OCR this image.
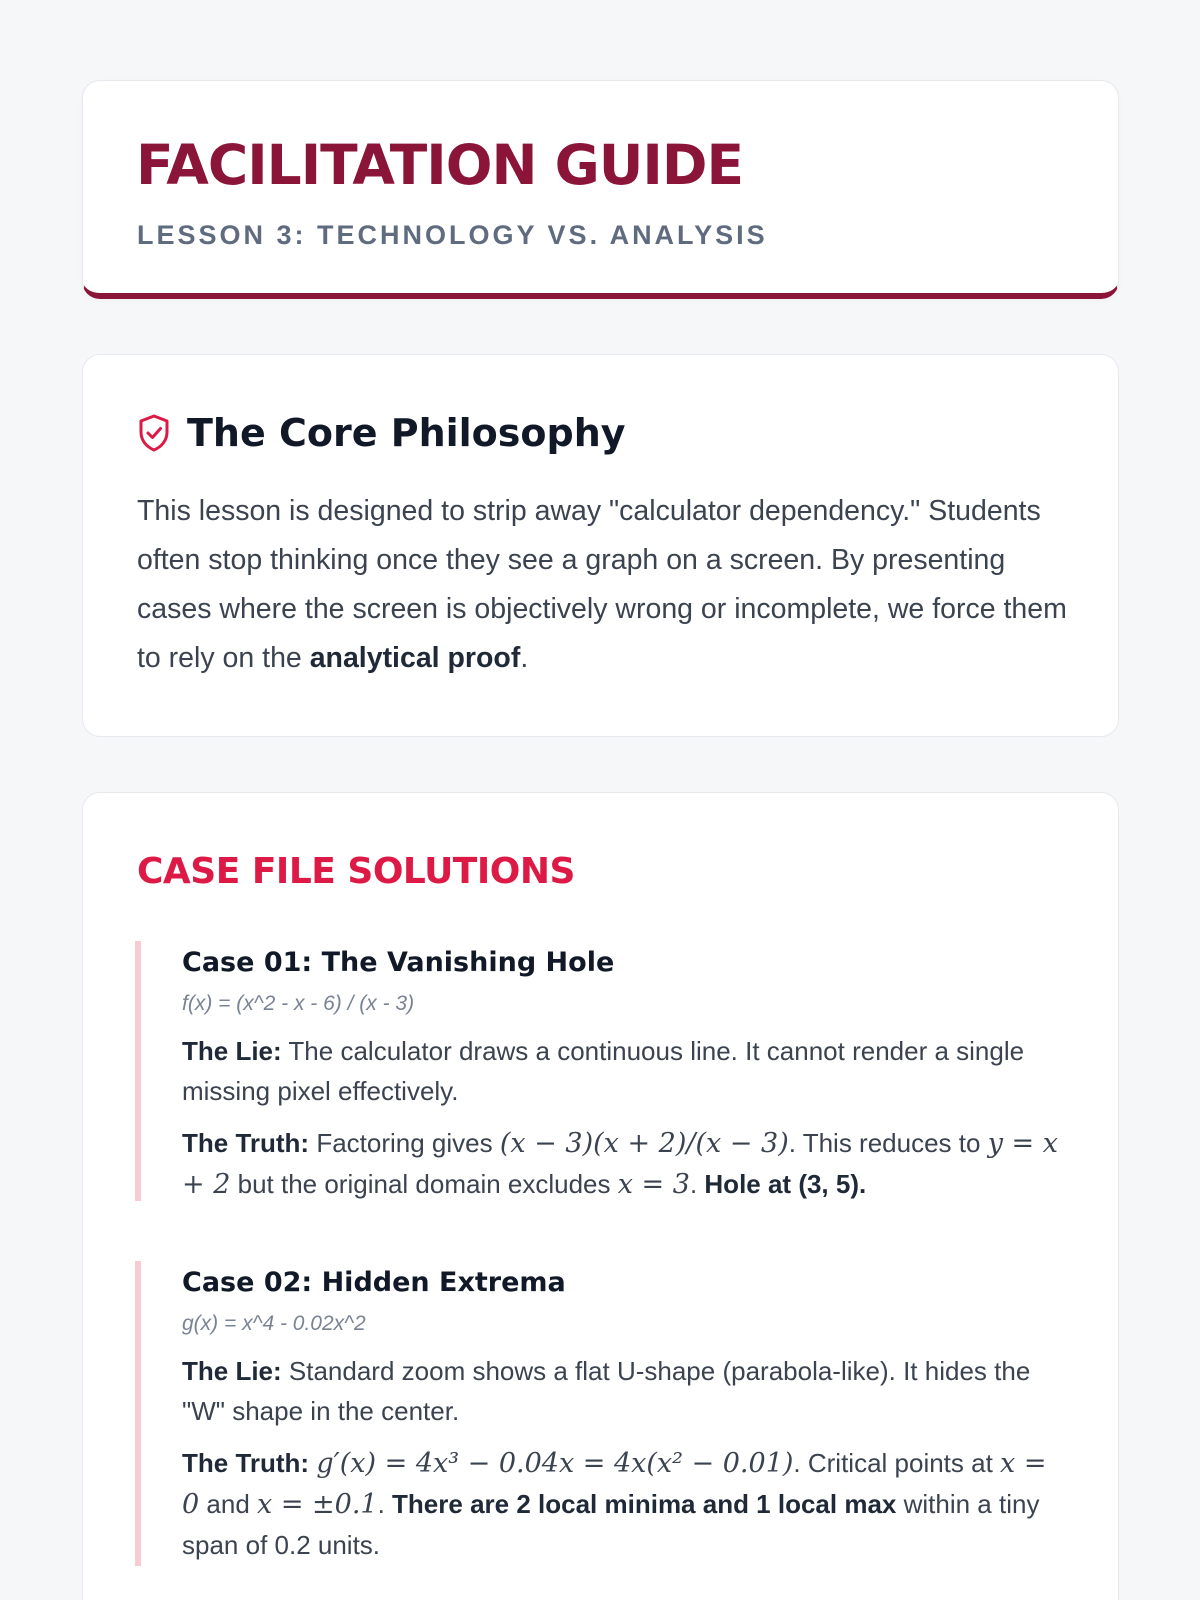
FACILITATION GUIDE
LESSON 3: TECHNOLOGY VS. ANALYSIS
The Core Philosophy

This lesson is designed to strip away "calculator dependency." Students often stop thinking once they see a graph on a screen. By presenting cases where the screen is objectively wrong or incomplete, we force them to rely on the analytical proof.

CASE FILE SOLUTIONS
Case 01: The Vanishing Hole
f(x) = (x^2 - x - 6) / (x - 3)

The Lie: The calculator draws a continuous line. It cannot render a single missing pixel effectively.

The Truth: Factoring gives (x − 3)(x + 2)/(x − 3). This reduces to y = x + 2 but the original domain excludes x = 3. Hole at (3, 5).

Case 02: Hidden Extrema
g(x) = x^4 - 0.02x^2

The Lie: Standard zoom shows a flat U-shape (parabola-like). It hides the "W" shape in the center.

The Truth: g′(x) = 4x³ − 0.04x = 4x(x² − 0.01). Critical points at x = 0 and x = ±0.1. There are 2 local minima and 1 local max within a tiny span of 0.2 units.
